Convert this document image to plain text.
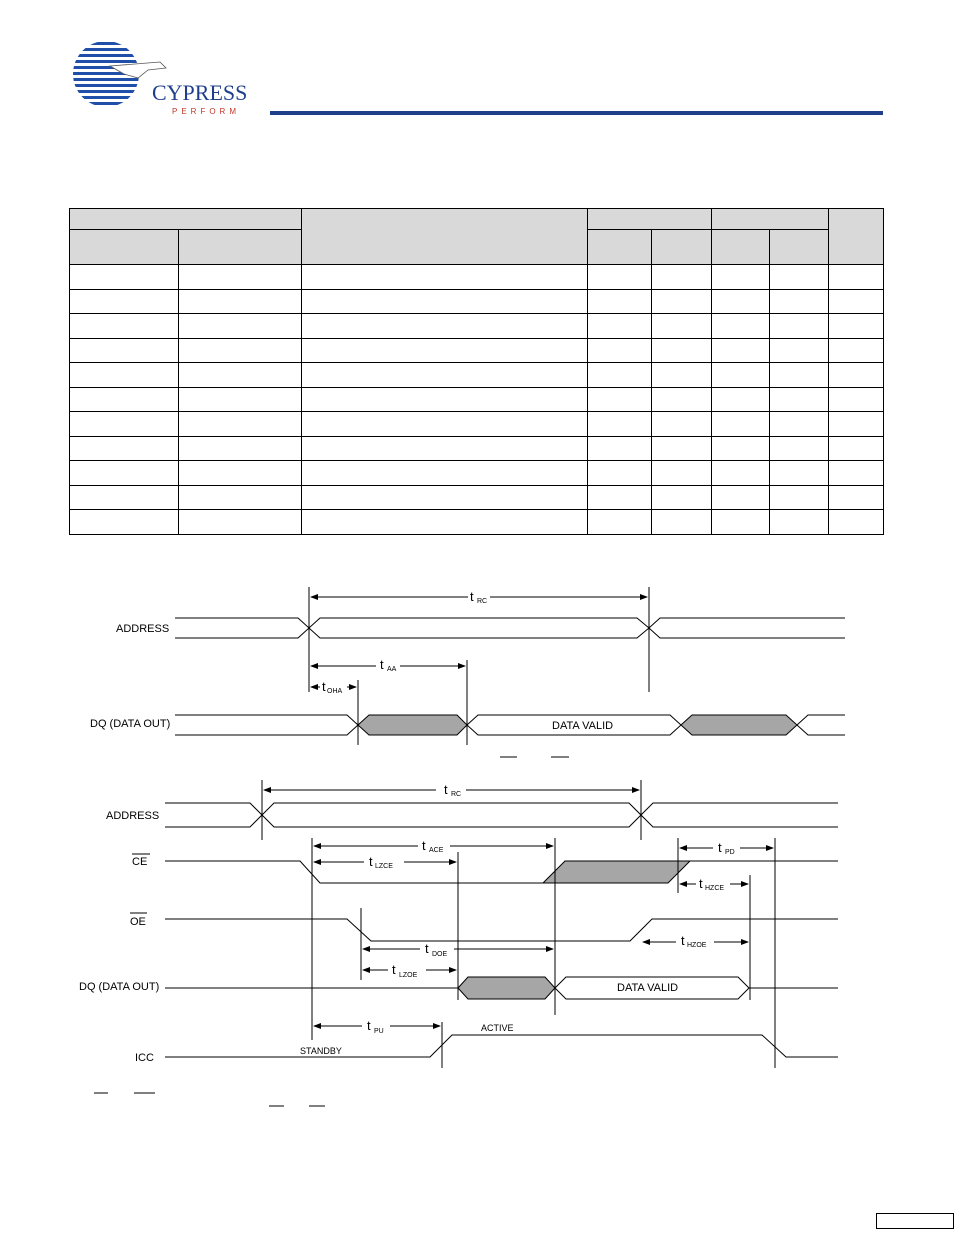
CYPRESS
PERFORM

ADDRESS
DQ (DATA OUT)	DATA VALID
t RC
t AA
t OHA
ADDRESS
CE
OE
DQ (DATA OUT)
ICC
DATA VALID
STANDBY
ACTIVE
t RC
t ACE
t LZCE
t PD
t HZCE
t HZOE
t DOE
t LZOE
t PU
